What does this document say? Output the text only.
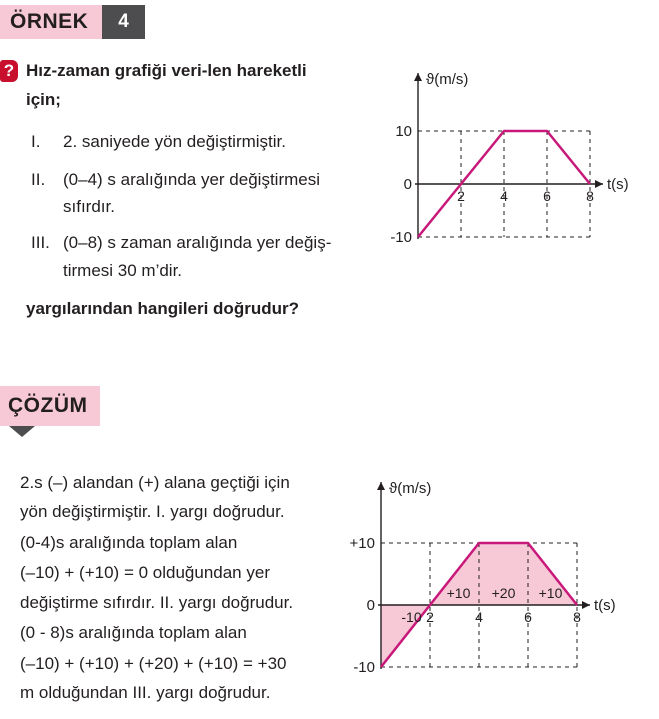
ÖRNEK	4
? Hız-zaman grafiği veri-len hareketli
için;
I. 2. saniyede yön değiştirmiştir.
II. (0–4) s aralığında yer değiştirmesi
sıfırdır.
III. (0–8) s zaman aralığında yer değiş-
tirmesi 30 m’dir.
yargılarından hangileri doğrudur?
ϑ(m/s)
t(s)
10
0
-10
2	4	6	8
ÇÖZÜM
2.s (–) alandan (+) alana geçtiği için
yön değiştirmiştir. I. yargı doğrudur.
(0-4)s aralığında toplam alan
(–10) + (+10) = 0 olduğundan yer
değiştirme sıfırdır. II. yargı doğrudur.
(0 - 8)s aralığında toplam alan
(–10) + (+10) + (+20) + (+10) = +30
m olduğundan III. yargı doğrudur.
ϑ(m/s)
t(s)
+10
0
-10
2	4	6	8
-10
+10 +20 +10
